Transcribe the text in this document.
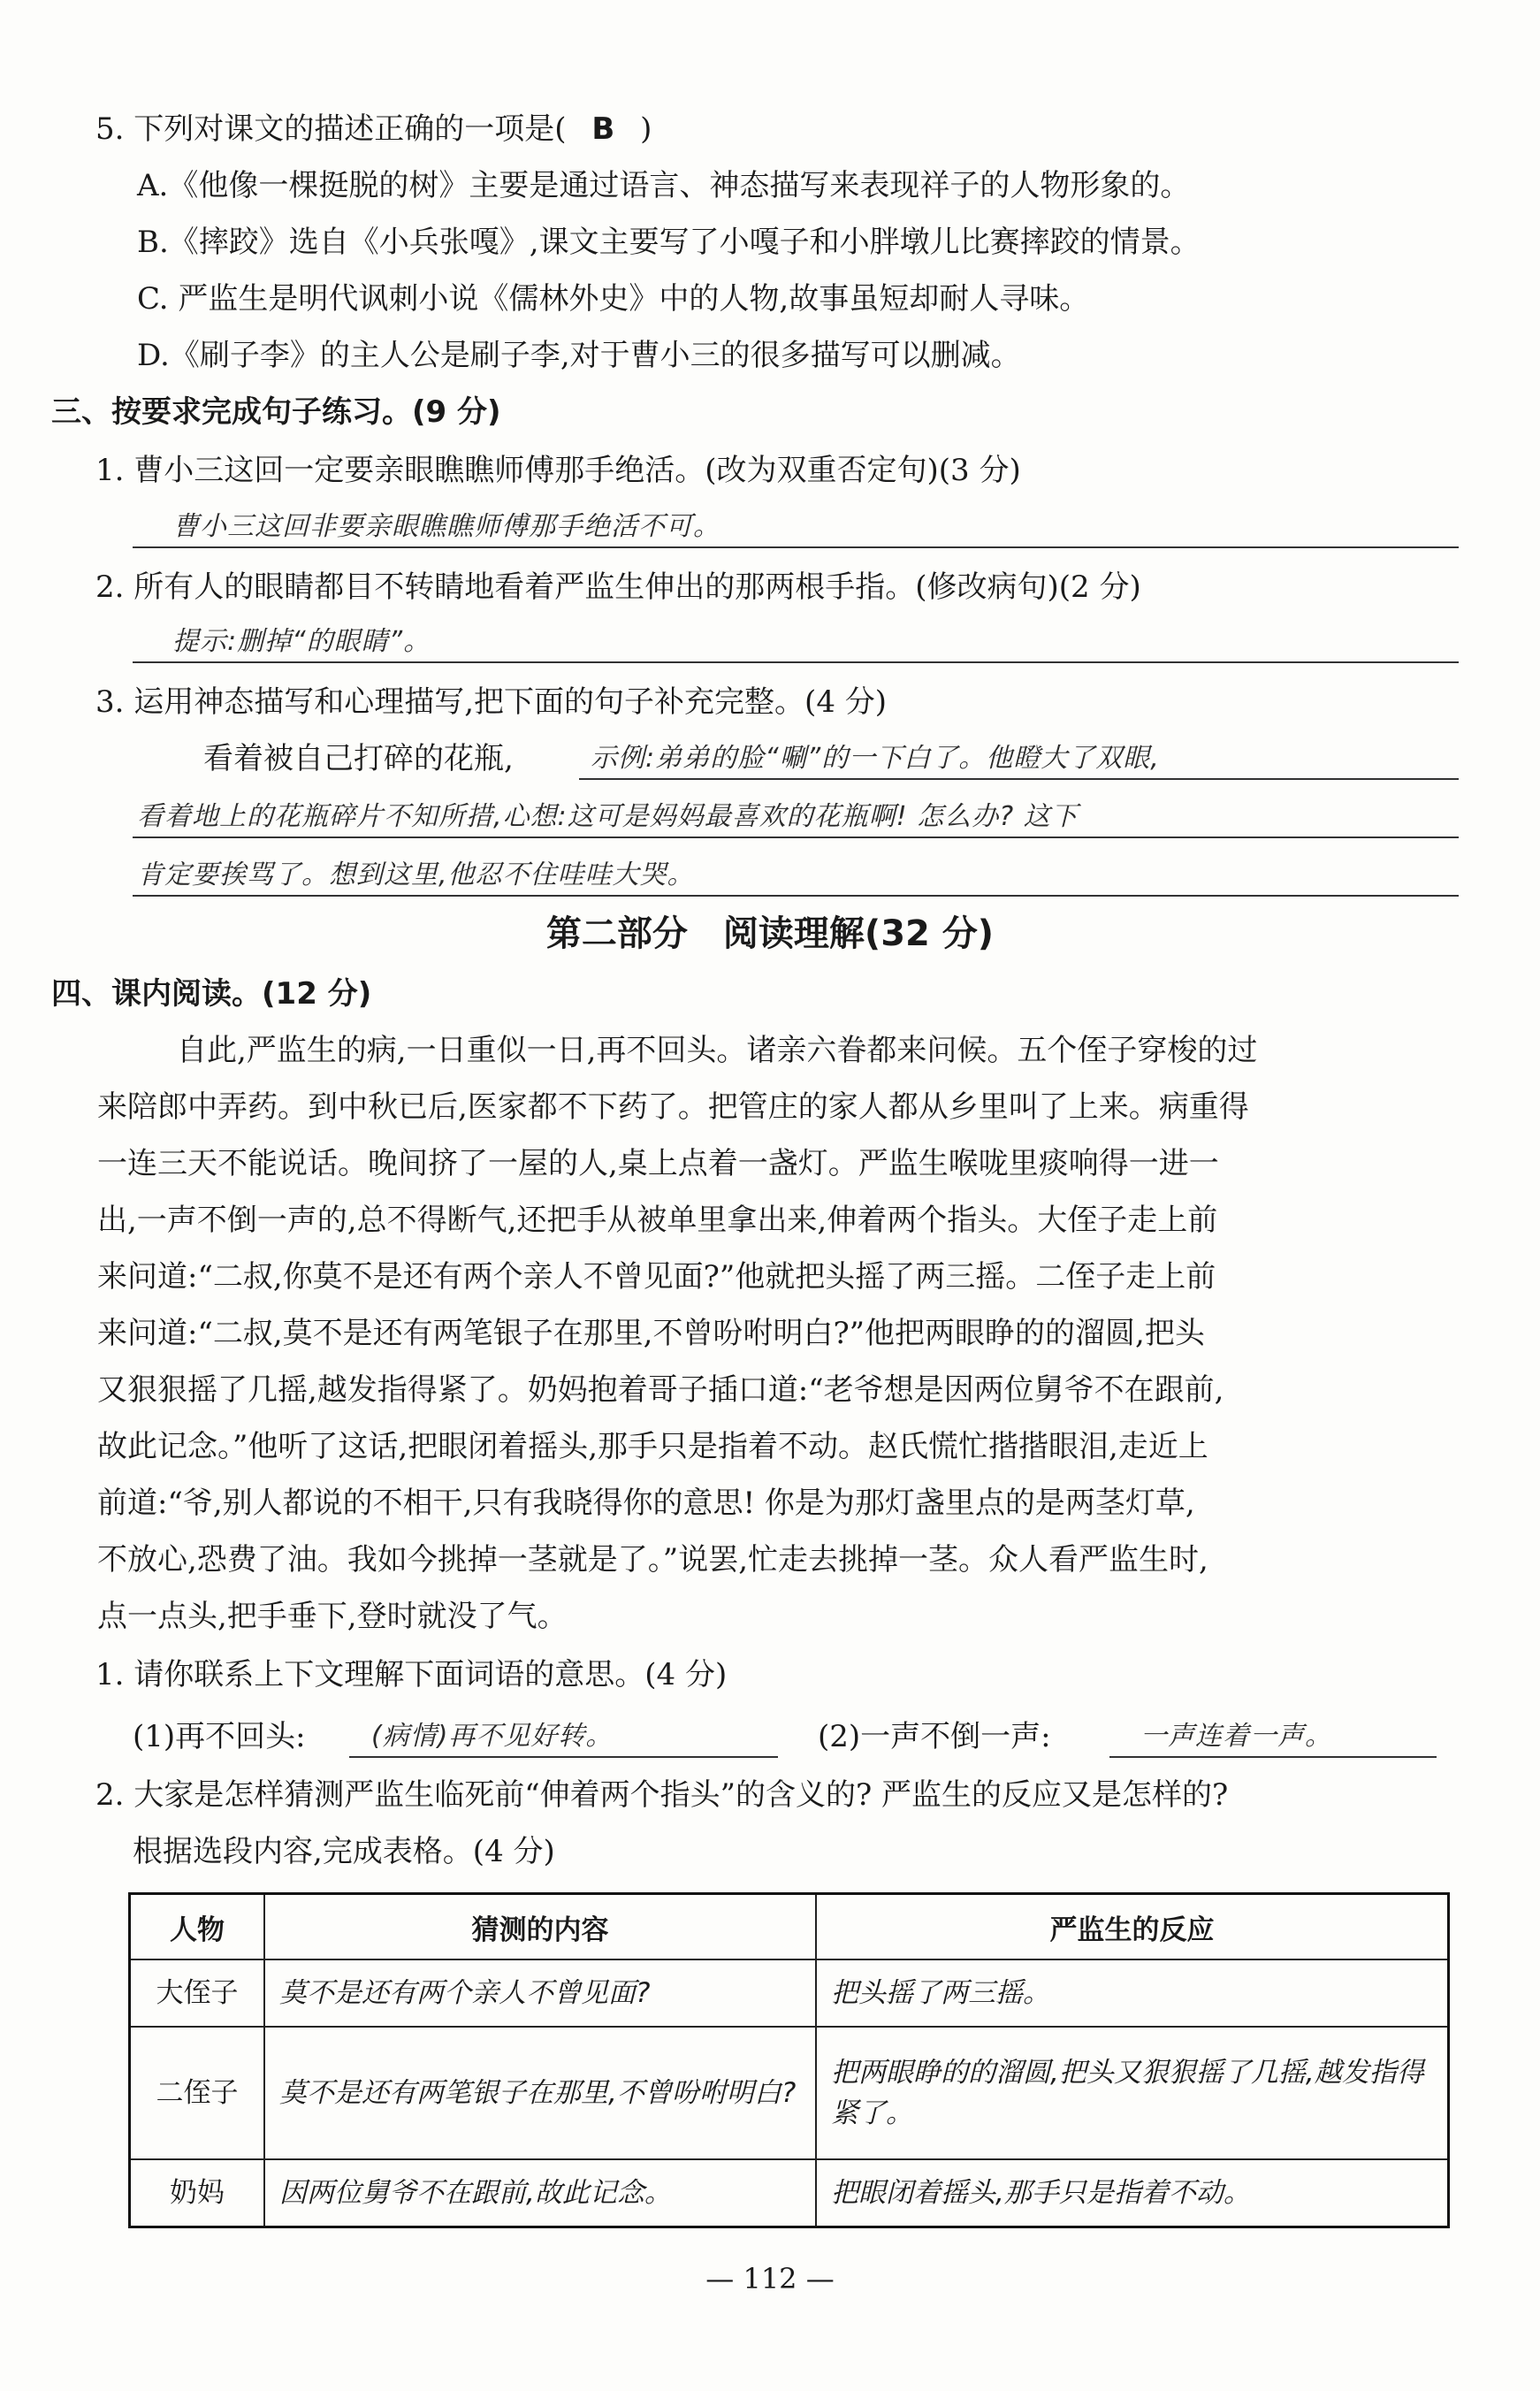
5. 下列对课文的描述正确的一项是( B )
A.《他像一棵挺脱的树》主要是通过语言、神态描写来表现祥子的人物形象的。
B.《摔跤》选自《小兵张嘎》,课文主要写了小嘎子和小胖墩儿比赛摔跤的情景。
C. 严监生是明代讽刺小说《儒林外史》中的人物,故事虽短却耐人寻味。
D.《刷子李》的主人公是刷子李,对于曹小三的很多描写可以删减。
三、按要求完成句子练习。(9 分)
1. 曹小三这回一定要亲眼瞧瞧师傅那手绝活。(改为双重否定句)(3 分)
曹小三这回非要亲眼瞧瞧师傅那手绝活不可。
2. 所有人的眼睛都目不转睛地看着严监生伸出的那两根手指。(修改病句)(2 分)
提示:删掉“的眼睛”。
3. 运用神态描写和心理描写,把下面的句子补充完整。(4 分)
看着被自己打碎的花瓶,	示例:弟弟的脸“唰”的一下白了。他瞪大了双眼,
看着地上的花瓶碎片不知所措,心想:这可是妈妈最喜欢的花瓶啊! 怎么办? 这下
肯定要挨骂了。想到这里,他忍不住哇哇大哭。
第二部分　阅读理解(32 分)
四、课内阅读。(12 分)
自此,严监生的病,一日重似一日,再不回头。诸亲六眷都来问候。五个侄子穿梭的过
来陪郎中弄药。到中秋已后,医家都不下药了。把管庄的家人都从乡里叫了上来。病重得
一连三天不能说话。晚间挤了一屋的人,桌上点着一盏灯。严监生喉咙里痰响得一进一
出,一声不倒一声的,总不得断气,还把手从被单里拿出来,伸着两个指头。大侄子走上前
来问道:“二叔,你莫不是还有两个亲人不曾见面?”他就把头摇了两三摇。二侄子走上前
来问道:“二叔,莫不是还有两笔银子在那里,不曾吩咐明白?”他把两眼睁的的溜圆,把头
又狠狠摇了几摇,越发指得紧了。奶妈抱着哥子插口道:“老爷想是因两位舅爷不在跟前,
故此记念。”他听了这话,把眼闭着摇头,那手只是指着不动。赵氏慌忙揩揩眼泪,走近上
前道:“爷,别人都说的不相干,只有我晓得你的意思! 你是为那灯盏里点的是两茎灯草,
不放心,恐费了油。我如今挑掉一茎就是了。”说罢,忙走去挑掉一茎。众人看严监生时,
点一点头,把手垂下,登时就没了气。
1. 请你联系上下文理解下面词语的意思。(4 分)
(1)再不回头: (病情)再不见好转。	(2)一声不倒一声:	一声连着一声。
2. 大家是怎样猜测严监生临死前“伸着两个指头”的含义的? 严监生的反应又是怎样的?
根据选段内容,完成表格。(4 分)
人物	猜测的内容	严监生的反应
大侄子	莫不是还有两个亲人不曾见面?	把头摇了两三摇。
二侄子	莫不是还有两笔银子在那里,不曾吩咐明白?	把两眼睁的的溜圆,把头又狠狠摇了几摇,越发指得紧了。
奶妈	因两位舅爷不在跟前,故此记念。	把眼闭着摇头,那手只是指着不动。
— 112 —
